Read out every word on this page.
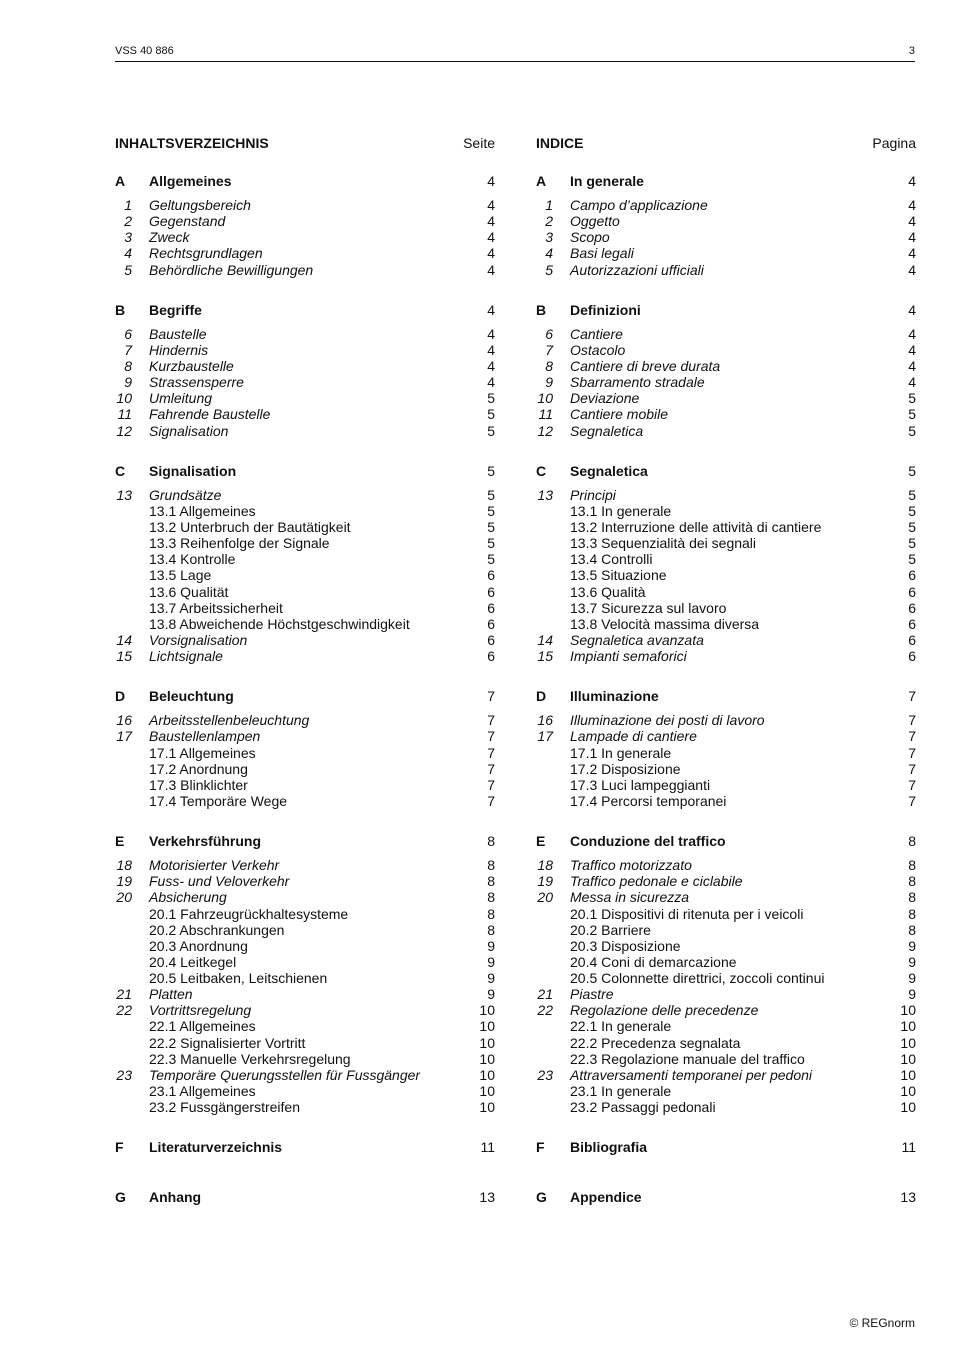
VSS 40 886	3
INHALTSVERZEICHNIS	Seite
A Allgemeines	4
1 Geltungsbereich	4
2 Gegenstand	4
3 Zweck	4
4 Rechtsgrundlagen	4
5 Behördliche Bewilligungen	4
B Begriffe	4
6 Baustelle	4
7 Hindernis	4
8 Kurzbaustelle	4
9 Strassensperre	4
10 Umleitung	5
11 Fahrende Baustelle	5
12 Signalisation	5
C Signalisation	5
13 Grundsätze	5
13.1 Allgemeines	5
13.2 Unterbruch der Bautätigkeit	5
13.3 Reihenfolge der Signale	5
13.4 Kontrolle	5
13.5 Lage	6
13.6 Qualität	6
13.7 Arbeitssicherheit	6
13.8 Abweichende Höchstgeschwindigkeit	6
14 Vorsignalisation	6
15 Lichtsignale	6
D Beleuchtung	7
16 Arbeitsstellenbeleuchtung	7
17 Baustellenlampen	7
17.1 Allgemeines	7
17.2 Anordnung	7
17.3 Blinklichter	7
17.4 Temporäre Wege	7
E Verkehrsführung	8
18 Motorisierter Verkehr	8
19 Fuss- und Veloverkehr	8
20 Absicherung	8
20.1 Fahrzeugrückhaltesysteme	8
20.2 Abschrankungen	8
20.3 Anordnung	9
20.4 Leitkegel	9
20.5 Leitbaken, Leitschienen	9
21 Platten	9
22 Vortrittsregelung	10
22.1 Allgemeines	10
22.2 Signalisierter Vortritt	10
22.3 Manuelle Verkehrsregelung	10
23 Temporäre Querungsstellen für Fussgänger	10
23.1 Allgemeines	10
23.2 Fussgängerstreifen	10
F Literaturverzeichnis	11
G Anhang	13
INDICE	Pagina
A In generale	4
1 Campo d’applicazione	4
2 Oggetto	4
3 Scopo	4
4 Basi legali	4
5 Autorizzazioni ufficiali	4
B Definizioni	4
6 Cantiere	4
7 Ostacolo	4
8 Cantiere di breve durata	4
9 Sbarramento stradale	4
10 Deviazione	5
11 Cantiere mobile	5
12 Segnaletica	5
C Segnaletica	5
13 Principi	5
13.1 In generale	5
13.2 Interruzione delle attività di cantiere	5
13.3 Sequenzialità dei segnali	5
13.4 Controlli	5
13.5 Situazione	6
13.6 Qualità	6
13.7 Sicurezza sul lavoro	6
13.8 Velocità massima diversa	6
14 Segnaletica avanzata	6
15 Impianti semaforici	6
D Illuminazione	7
16 Illuminazione dei posti di lavoro	7
17 Lampade di cantiere	7
17.1 In generale	7
17.2 Disposizione	7
17.3 Luci lampeggianti	7
17.4 Percorsi temporanei	7
E Conduzione del traffico	8
18 Traffico motorizzato	8
19 Traffico pedonale e ciclabile	8
20 Messa in sicurezza	8
20.1 Dispositivi di ritenuta per i veicoli	8
20.2 Barriere	8
20.3 Disposizione	9
20.4 Coni di demarcazione	9
20.5 Colonnette direttrici, zoccoli continui	9
21 Piastre	9
22 Regolazione delle precedenze	10
22.1 In generale	10
22.2 Precedenza segnalata	10
22.3 Regolazione manuale del traffico	10
23 Attraversamenti temporanei per pedoni	10
23.1 In generale	10
23.2 Passaggi pedonali	10
F Bibliografia	11
G Appendice	13
© REGnorm
